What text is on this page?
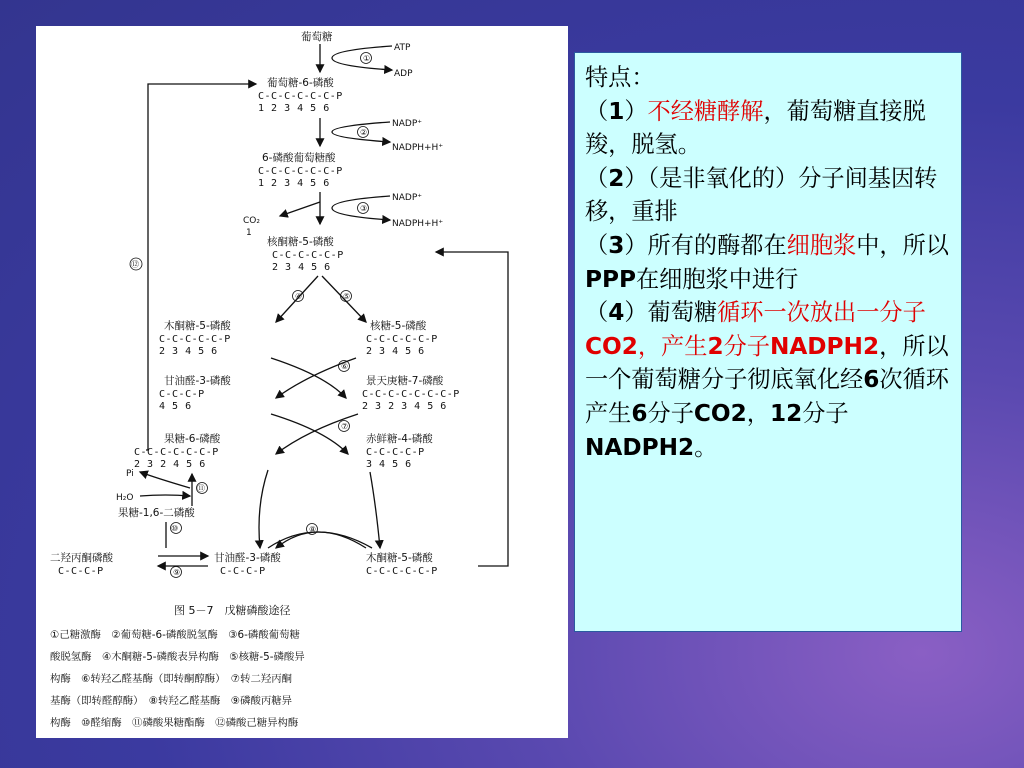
葡萄糖
ATP
ADP
①
葡萄糖-6-磷酸
C-C-C-C-C-C-P
1 2 3 4 5 6
NADP⁺
NADPH+H⁺
②
6-磷酸葡萄糖酸
C-C-C-C-C-C-P
1 2 3 4 5 6
NADP⁺
NADPH+H⁺
③
CO₂
1
核酮糖-5-磷酸
C-C-C-C-C-P
2 3 4 5 6
④	⑤
木酮糖-5-磷酸
C-C-C-C-C-P
2 3 4 5 6
核糖-5-磷酸
C-C-C-C-C-P
2 3 4 5 6
⑥
甘油醛-3-磷酸
C-C-C-P
4 5 6
景天庚糖-7-磷酸
C-C-C-C-C-C-C-P
2 3 2 3 4 5 6
⑦
果糖-6-磷酸
C-C-C-C-C-C-P
2 3 2 4 5 6
赤鲜糖-4-磷酸
C-C-C-C-P
3 4 5 6
Pi
H₂O
⑪
果糖-1,6-二磷酸
⑩	⑧
二羟丙酮磷酸
C-C-C-P
甘油醛-3-磷酸
C-C-C-P
木酮糖-5-磷酸
C-C-C-C-C-P
⑨
⑫
图 5－7　戊糖磷酸途径
①己糖激酶　②葡萄糖-6-磷酸脱氢酶　③6-磷酸葡萄糖
酸脱氢酶　④木酮糖-5-磷酸表异构酶　⑤核糖-5-磷酸异
构酶　⑥转羟乙醛基酶（即转酮醇酶）　⑦转二羟丙酮
基酶（即转醛醇酶）　⑧转羟乙醛基酶　⑨磷酸丙糖异
构酶　⑩醛缩酶　⑪磷酸果糖酯酶　⑫磷酸己糖异构酶

特点：

（1）不经糖酵解，葡萄糖直接脱羧，脱氢。

（2）（是非氧化的）分子间基因转移，重排

（3）所有的酶都在细胞浆中，所以PPP在细胞浆中进行

（4）葡萄糖循环一次放出一分子CO2，产生2分子NADPH2，所以一个葡萄糖分子彻底氧化经6次循环产生6分子CO2，12分子NADPH2。
